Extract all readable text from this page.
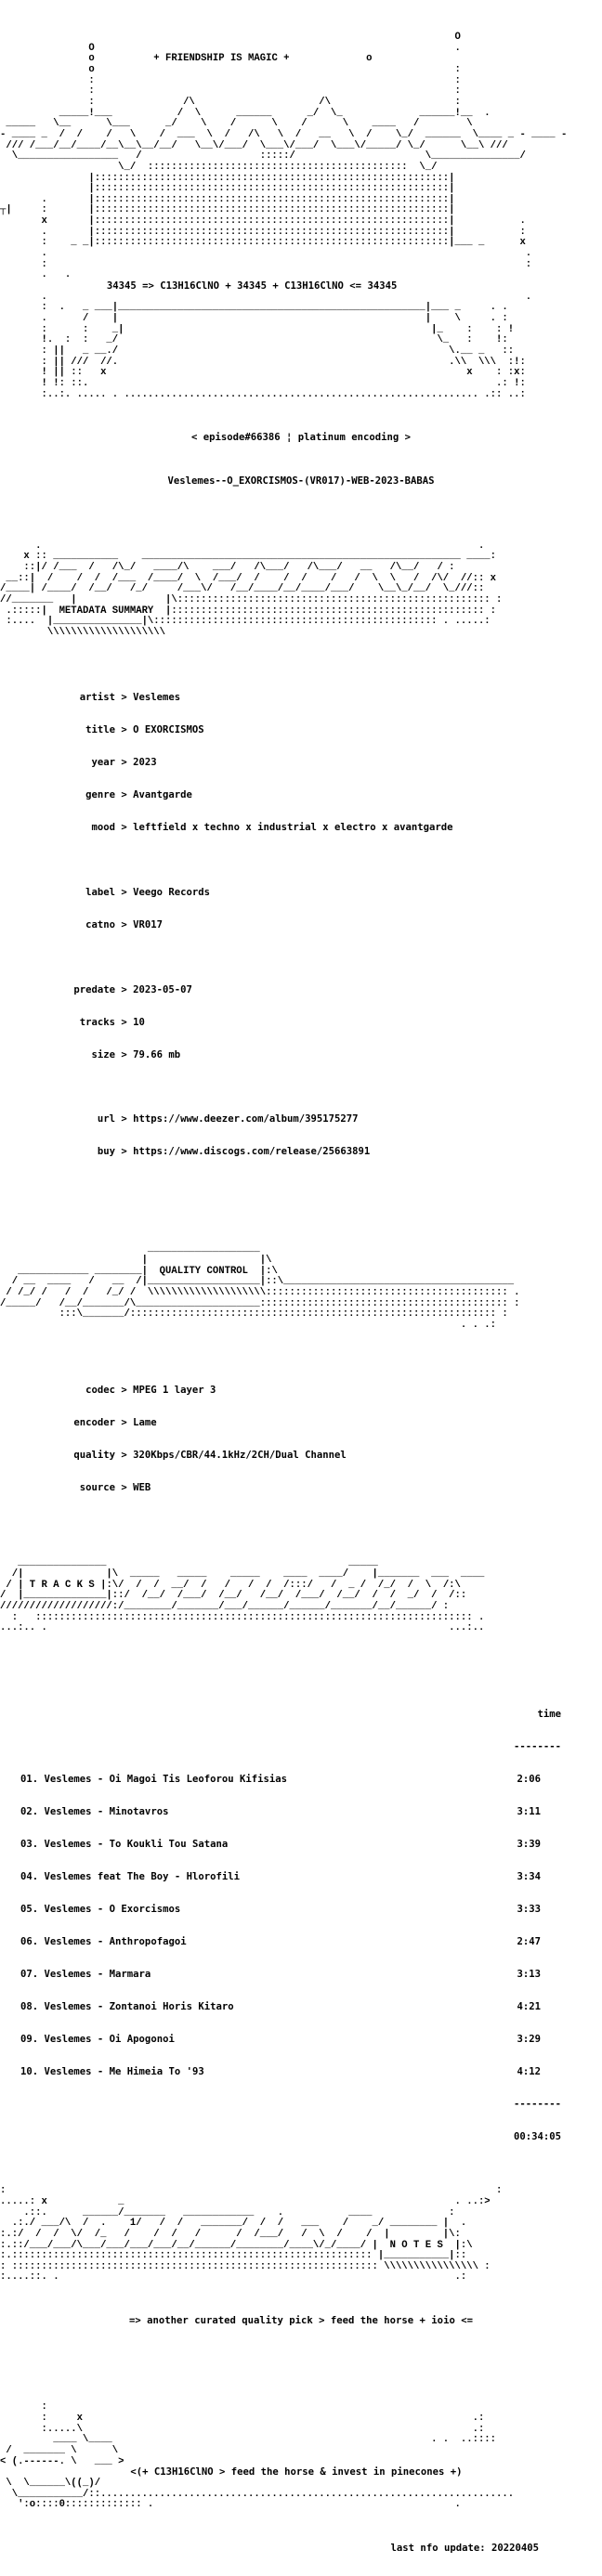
O
O                                                             .
o	+ FRIENDSHIP IS MAGIC +	o
o                                                             :
:                                                             :
:                                                             :
:               /\                     /\                     :
_____!___           /  \      ______      _/  \_             ______!__  .
_____   \__      \___      _/    \    /      \    /      \    ____   /        \
- ____ _  /  /    /   \    /  ___  \  /   /\   \  /   __   \  /    \_/  ______  \____ _ - ____ -
/// /___/__/____/__\__\__/__/   \__\/___/  \___\/___/  \___\/_____/ \_/      \__\ ///
\_________________   /                    :::::/                      \_______________/
\_/  ::::::::::::::::::::::::::::::::::::::::::::  \_/
|::::::::::::::::::::::::::::::::::::::::::::::::::::::::::::|
|::::::::::::::::::::::::::::::::::::::::::::::::::::::::::::|
.       |::::::::::::::::::::::::::::::::::::::::::::::::::::::::::::|
┬|     :       |::::::::::::::::::::::::::::::::::::::::::::::::::::::::::::|
x       |::::::::::::::::::::::::::::::::::::::::::::::::::::::::::::|           .
.       |::::::::::::::::::::::::::::::::::::::::::::::::::::::::::::|           :
:    _ _|::::::::::::::::::::::::::::::::::::::::::::::::::::::::::::|___ _      x
.                                                                                 .
:                                                                                 :
.   .
34345 => C13H16ClNO + 34345 + C13H16ClNO <= 34345
.                                                                                 .
:  .   _ ___|____________________________________________________|___ _     . .
.      /    |                                                    |    \     . :
:      :    _|                                                    |_    :    : !
!.  :  :   _/                                                      \_   :    !:
: ||   _ __./                                                        \.__ _   ::
: || ///  //.                                                        .\\  \\\  :!:
! || ::   x                                                             x    : :x:
! !: ::.                                                                     .: !:
:..:. ..... . ............................................................ .:: ..:

< episode#66386 ¦ platinum encoding >

Veslemes--O_EXORCISMOS-(VR017)-WEB-2023-BABAS

.                                                                          .
x :: ___________    ______________________________________________________ ____:
::|/ /___  /   /\_/   ____/\    ___/   /\___/   /\___/   __   /\__/   / :
__::|  /    /  /  /___  /____/  \  /___/  /    /  /    /   /  \  \   /  /\/  //:: x
/____| /____/  /__/   /_/     /___\/   /__/____/__/____/___/    \__\_/__/  \_///::
//_______   |               |\::::::::::::::::::::::::::::::::::::::::::::::::::::: :
.:::::|  METADATA SUMMARY  |::::::::::::::::::::::::::::::::::::::::::::::::::::: :
:....  |_______________|\:::::::::::::::::::::::::::::::::::::::::::::::: . .....:
\\\\\\\\\\\\\\\\\\\\

artist > Veslemes

title > O EXORCISMOS

year > 2023

genre > Avantgarde

mood > leftfield x techno x industrial x electro x avantgarde

label > Veego Records

catno > VR017

predate > 2023-05-07

tracks > 10

size > 79.66 mb

url > https://www.deezer.com/album/395175277

buy > https://www.discogs.com/release/25663891

___________________
|                   |\
____________ ________|  QUALITY CONTROL  |:\
/ __  ____   /   __  /|___________________|::\_______________________________________
/ /_/ /   /  /   /_/ /  \\\\\\\\\\\\\\\\\\\\::::::::::::::::::::::::::::::::::::::::: .
/_____/   /__/_______/\_____________________:::::::::::::::::::::::::::::::::::::::::: :
:::\_______/:::::::::::::::::::::::::::::::::::::::::::::::::::::::::::::: :
. . .:

codec > MPEG 1 layer 3

encoder > Lame

quality > 320Kbps/CBR/44.1kHz/2CH/Dual Channel

source > WEB

_______________                                         _____
/|              |\  _____   _____    _____    ____  ____/    |_______  ___  ____
/ | T R A C K S |:\/  /  /  __/  /   /   /  /  /:::/   /  _ /  /_/  /  \  /:\
/  |______________|::/  /__/  /___/  /__/   /__/  /___/  /__/  /  /  _/  /  /::
///////////////////:/________/_______/___/______/______/_______/__/______/ :
:   :::::::::::::::::::::::::::::::::::::::::::::::::::::::::::::::::::::::::: .
...:.. .                                                                    ...:..

time

--------

01. Veslemes - Oi Magoi Tis Leoforou Kifisias	2:06

02. Veslemes - Minotavros	3:11

03. Veslemes - To Koukli Tou Satana	3:39

04. Veslemes feat The Boy - Hlorofili	3:34

05. Veslemes - O Exorcismos	3:33

06. Veslemes - Anthropofagoi	2:47

07. Veslemes - Marmara	3:13

08. Veslemes - Zontanoi Horis Kitaro	4:21

09. Veslemes - Oi Apogonoi	3:29

10. Veslemes - Me Himeia To '93	4:12

--------

00:34:05

:                                                                                   :
.....: x            _                                                        . ..:>
.::.      ______/_______   ____________    .           ____             :
.:./ ___/\  /  .    1/   /  /   _______/  /  /   ___    /    _/ ________ |  .
:.:/  /  /  \/  /_   /    /  /   /      /  /___/   /  \  /    /  |         |\:
:.::/___/___/\___/___/___/___/__/______/________/____\/_/____/ |  N O T E S  |:\
:.::::::::::::::::::::::::::::::::::::::::::::::::::::::::::::: |___________|::
: :::::::::::::::::::::::::::::::::::::::::::::::::::::::::::::: \\\\\\\\\\\\\\\\ :
:....::. .                                                                   .:

=> another curated quality pick > feed the horse + ioio <=

:
:     x                                                                  .:
:.....\                                                                  .:
____ \____                                                      . .  ..::::
/  _______ \      \
< (.------. \   ___ >
<(+ C13H16ClNO > feed the horse & invest in pinecones +)
\  \______\((_)/
\___________/::......................................................................
':o::::0::::::::::::: .                                                   .

last nfo update: 20220405
